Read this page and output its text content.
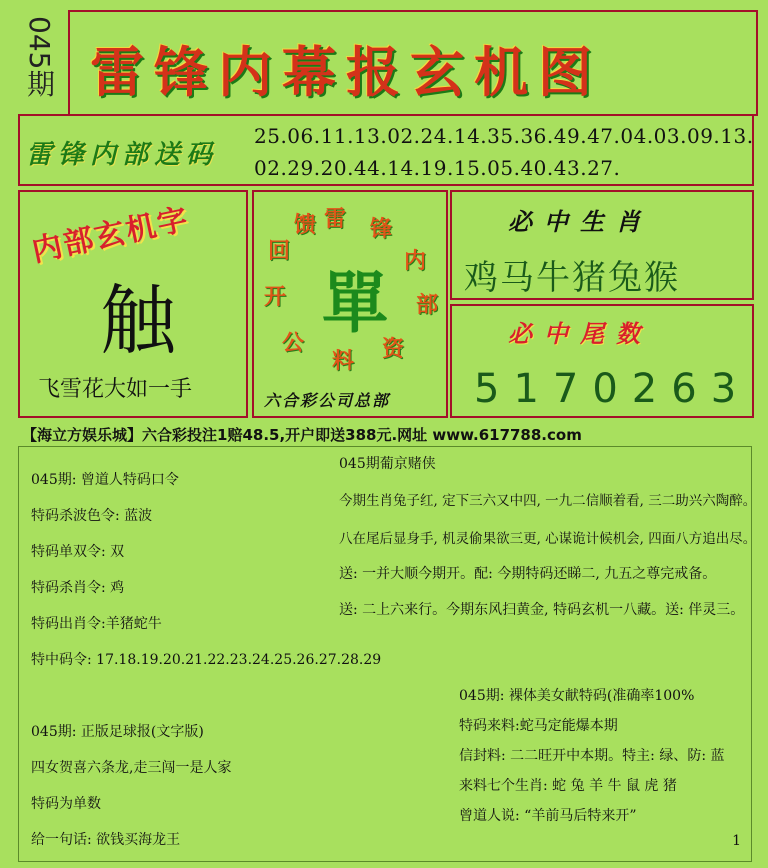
045期 雷锋内幕报玄机图
雷锋内部送码
25.06.11.13.02.24.14.35.36.49.47.04.03.09.13.
02.29.20.44.14.19.15.05.40.43.27.
内部玄机字
触
飞雪花大如一手
雷 锋
内
部
资
料
公
开
回
馈
單
六合彩公司总部
必中生肖
鸡马牛猪兔猴
必中尾数
5170263
【海立方娱乐城】六合彩投注1赔48.5,开户即送388元.网址 www.617788.com
045期: 曾道人特码口令
特码杀波色令: 蓝波
特码单双令: 双
特码杀肖令: 鸡
特码出肖令:羊猪蛇牛
特中码令: 17.18.19.20.21.22.23.24.25.26.27.28.29
045期: 正版足球报(文字版)
四女贺喜六条龙,走三闯一是人家
特码为单数
给一句话: 欲钱买海龙王
045期葡京赌侠
今期生肖兔子红, 定下三六又中四, 一九二信顺着看, 三二助兴六陶醉。
八在尾后显身手, 机灵偷果欲三更, 心谋诡计候机会, 四面八方追出尽。
送: 一并大顺今期开。配: 今期特码还睇二, 九五之尊完戒备。
送: 二上六来行。今期东风扫黄金, 特码玄机一八藏。送: 伴灵三。
045期: 裸体美女献特码(准确率100%
特码来料:蛇马定能爆本期
信封料: 二二旺开中本期。特主: 绿、防: 蓝
来料七个生肖: 蛇 兔 羊 牛 鼠 虎 猪
曾道人说: “羊前马后特来开”
1
